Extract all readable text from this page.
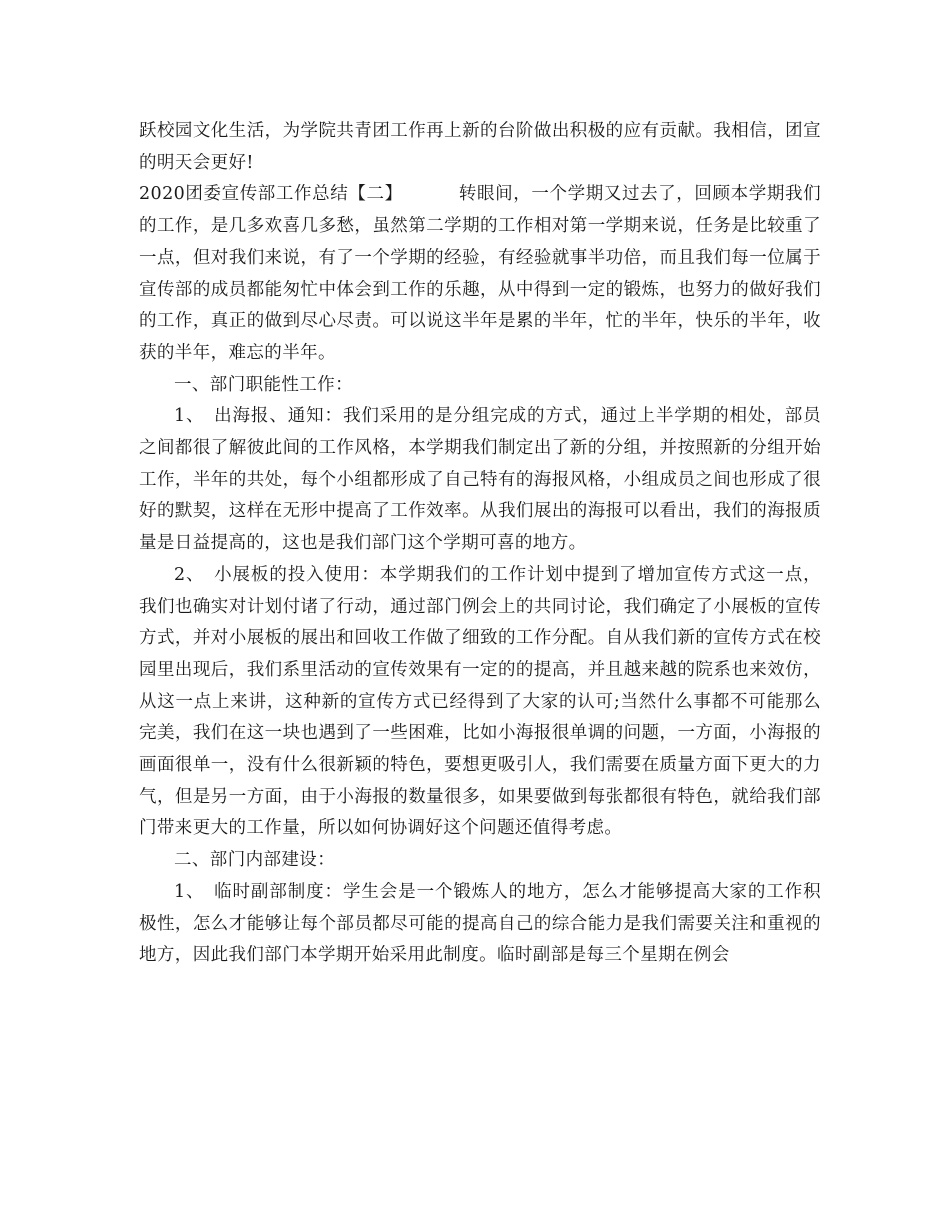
跃校园文化生活，为学院共青团工作再上新的台阶做出积极的应有贡献。我相信，团宣的明天会更好!

2020团委宣传部工作总结【二】	转眼间，一个学期又过去了，回顾本学期我们的工作，是几多欢喜几多愁，虽然第二学期的工作相对第一学期来说，任务是比较重了一点，但对我们来说，有了一个学期的经验，有经验就事半功倍，而且我们每一位属于宣传部的成员都能匆忙中体会到工作的乐趣，从中得到一定的锻炼，也努力的做好我们的工作，真正的做到尽心尽责。可以说这半年是累的半年，忙的半年，快乐的半年，收获的半年，难忘的半年。

一、部门职能性工作：

1、　出海报、通知：我们采用的是分组完成的方式，通过上半学期的相处，部员之间都很了解彼此间的工作风格，本学期我们制定出了新的分组，并按照新的分组开始工作，半年的共处，每个小组都形成了自己特有的海报风格，小组成员之间也形成了很好的默契，这样在无形中提高了工作效率。从我们展出的海报可以看出，我们的海报质量是日益提高的，这也是我们部门这个学期可喜的地方。

2、　小展板的投入使用：本学期我们的工作计划中提到了增加宣传方式这一点，我们也确实对计划付诸了行动，通过部门例会上的共同讨论，我们确定了小展板的宣传方式，并对小展板的展出和回收工作做了细致的工作分配。自从我们新的宣传方式在校园里出现后，我们系里活动的宣传效果有一定的的提高，并且越来越的院系也来效仿，从这一点上来讲，这种新的宣传方式已经得到了大家的认可;当然什么事都不可能那么完美，我们在这一块也遇到了一些困难，比如小海报很单调的问题，一方面，小海报的画面很单一，没有什么很新颖的特色，要想更吸引人，我们需要在质量方面下更大的力气，但是另一方面，由于小海报的数量很多，如果要做到每张都很有特色，就给我们部门带来更大的工作量，所以如何协调好这个问题还值得考虑。

二、部门内部建设：

1、　临时副部制度：学生会是一个锻炼人的地方，怎么才能够提高大家的工作积极性，怎么才能够让每个部员都尽可能的提高自己的综合能力是我们需要关注和重视的地方，因此我们部门本学期开始采用此制度。临时副部是每三个星期在例会
